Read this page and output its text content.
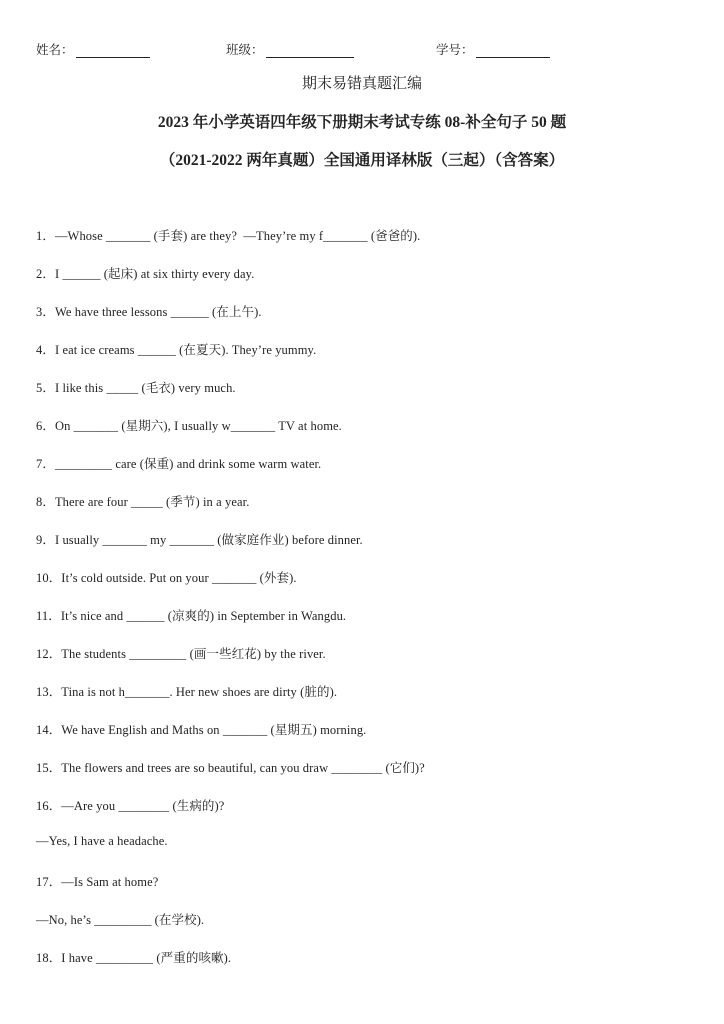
姓名：	班级：	学号：
期末易错真题汇编
2023 年小学英语四年级下册期末考试专练 08-补全句子 50 题
（2021-2022 两年真题）全国通用译林版（三起）（含答案）
1．—Whose _______ (手套) are they?  —They’re my f_______ (爸爸的).
2．I ______ (起床) at six thirty every day.
3．We have three lessons ______ (在上午).
4．I eat ice creams ______ (在夏天). They’re yummy.
5．I like this _____ (毛衣) very much.
6．On _______ (星期六), I usually w_______ TV at home.
7．_________ care (保重) and drink some warm water.
8．There are four _____ (季节) in a year.
9．I usually _______ my _______ (做家庭作业) before dinner.
10．It’s cold outside. Put on your _______ (外套).
11．It’s nice and ______ (凉爽的) in September in Wangdu.
12．The students _________ (画一些红花) by the river.
13．Tina is not h_______. Her new shoes are dirty (脏的).
14．We have English and Maths on _______ (星期五) morning.
15．The flowers and trees are so beautiful, can you draw ________ (它们)?
16．—Are you ________ (生病的)?
—Yes, I have a headache.
17．—Is Sam at home?
—No, he’s _________ (在学校).
18．I have _________ (严重的咳嗽).
